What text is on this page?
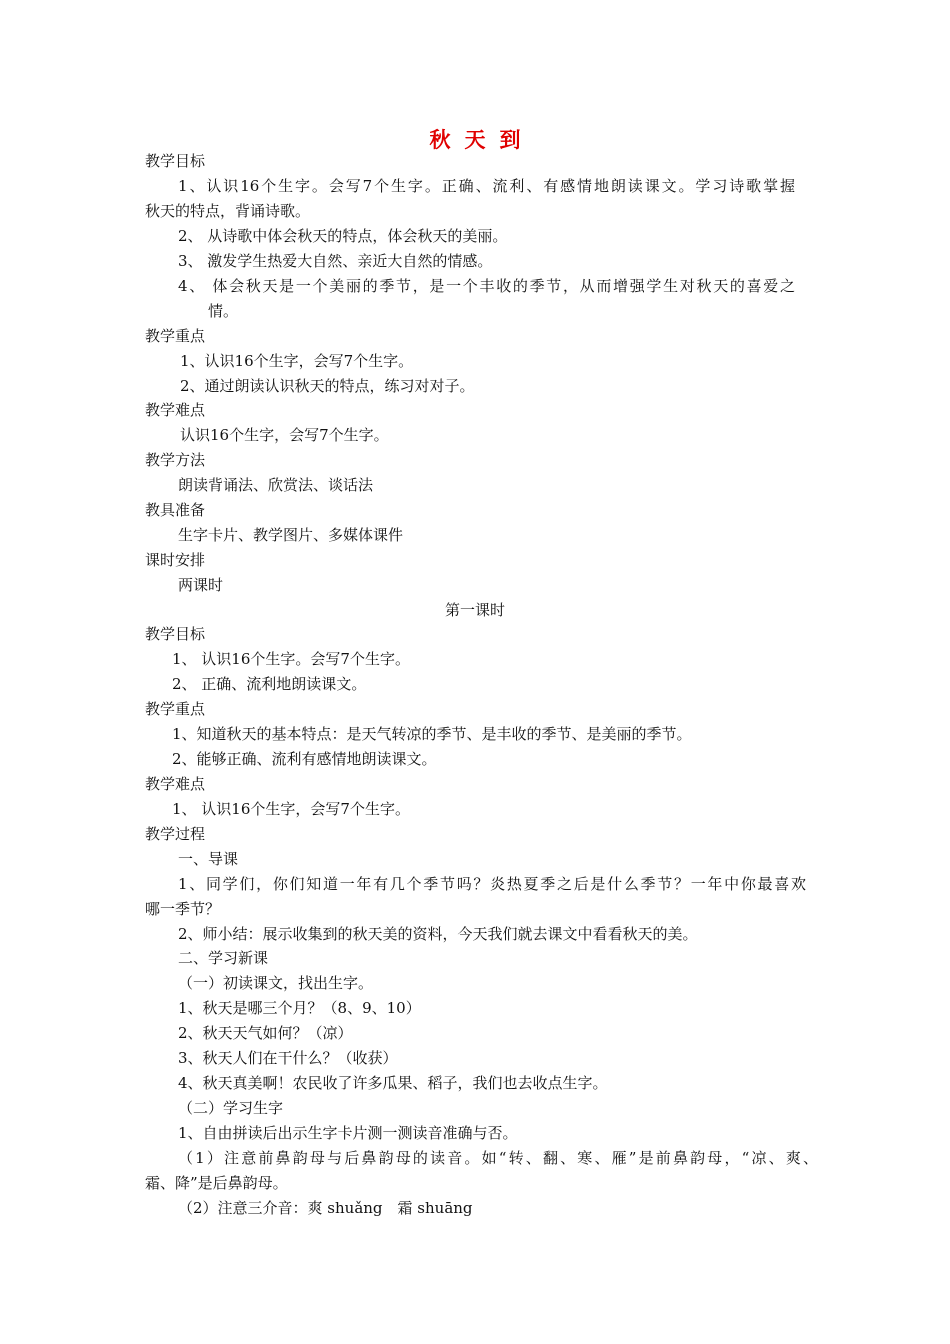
秋天到
教学目标
1、认识16个生字。会写7个生字。正确、流利、有感情地朗读课文。学习诗歌掌握
秋天的特点，背诵诗歌。
2、 从诗歌中体会秋天的特点，体会秋天的美丽。
3、 激发学生热爱大自然、亲近大自然的情感。
4、 体会秋天是一个美丽的季节，是一个丰收的季节，从而增强学生对秋天的喜爱之
情。
教学重点
1、认识16个生字，会写7个生字。
2、通过朗读认识秋天的特点，练习对对子。
教学难点
认识16个生字，会写7个生字。
教学方法
朗读背诵法、欣赏法、谈话法
教具准备
生字卡片、教学图片、多媒体课件
课时安排
两课时
第一课时
教学目标
1、 认识16个生字。会写7个生字。
2、 正确、流利地朗读课文。
教学重点
1、知道秋天的基本特点：是天气转凉的季节、是丰收的季节、是美丽的季节。
2、能够正确、流利有感情地朗读课文。
教学难点
1、 认识16个生字，会写7个生字。
教学过程
一、导课
1、同学们，你们知道一年有几个季节吗？炎热夏季之后是什么季节？一年中你最喜欢
哪一季节？
2、师小结：展示收集到的秋天美的资料，今天我们就去课文中看看秋天的美。
二、学习新课
（一）初读课文，找出生字。
1、秋天是哪三个月？（8、9、10）
2、秋天天气如何？（凉）
3、秋天人们在干什么？（收获）
4、秋天真美啊！农民收了许多瓜果、稻子，我们也去收点生字。
（二）学习生字
1、自由拼读后出示生字卡片测一测读音准确与否。
（1）注意前鼻韵母与后鼻韵母的读音。如“转、翻、寒、雁”是前鼻韵母，“凉、爽、
霜、降”是后鼻韵母。
（2）注意三介音：爽 shuǎng　霜 shuāng
